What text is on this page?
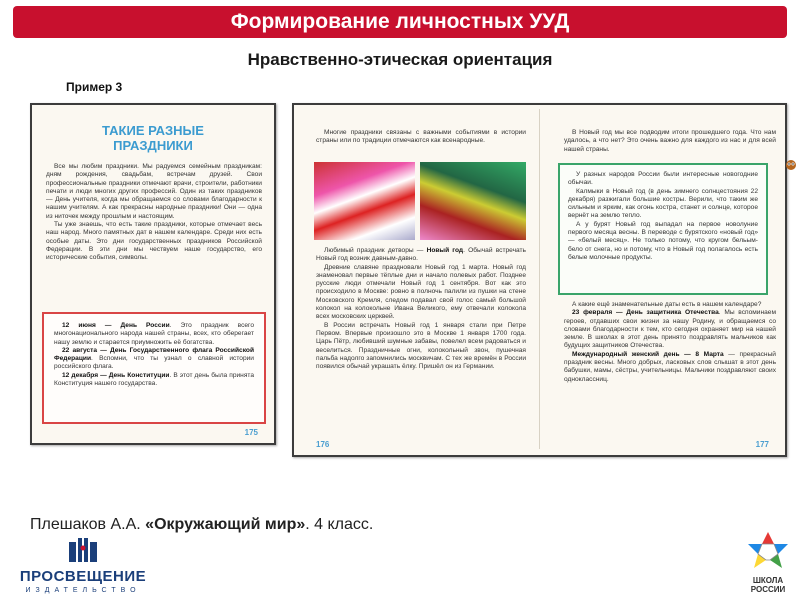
Формирование личностных УУД
Нравственно-этическая ориентация
Пример 3
ТАКИЕ РАЗНЫЕ
ПРАЗДНИКИ
Все мы любим праздники. Мы радуемся семейным праздникам: дням рождения, свадьбам, встречам друзей. Свои профессиональные праздники отмечают врачи, строители, работники печати и люди многих других профессий. Один из таких праздников — День учителя, когда мы обращаемся со словами благодарности к нашим учителям. А как прекрасны народные праздники! Они — одна из ниточек между прошлым и настоящим.
Ты уже знаешь, что есть такие праздники, которые отмечает весь наш народ. Много памятных дат в нашем календаре. Среди них есть особые даты. Это дни государственных праздников Российской Федерации. В эти дни мы чествуем наше государство, его исторические события, символы.
12 июня — День России. Это праздник всего многонационального народа нашей страны, всех, кто оберегает нашу землю и старается приумножить её богатства.
22 августа — День Государственного флага Российской Федерации. Вспомни, что ты узнал о славной истории российского флага.
12 декабря — День Конституции. В этот день была принята Конституция нашего государства.
175
Многие праздники связаны с важными событиями в истории страны или по традиции отмечаются как всенародные.
Любимый праздник детворы — Новый год. Обычай встречать Новый год возник давным-давно.
Древние славяне праздновали Новый год 1 марта. Новый год знаменовал первые тёплые дни и начало полевых работ. Позднее русские люди отмечали Новый год 1 сентября. Вот как это происходило в Москве: ровно в полночь палили из пушки на стене Московского Кремля, следом подавал свой голос самый большой колокол на колокольне Ивана Великого, ему отвечали колокола всех московских церквей.
В России встречать Новый год 1 января стали при Петре Первом. Впервые произошло это в Москве 1 января 1700 года. Царь Пётр, любивший шумные забавы, повелел всем радоваться и веселиться. Праздничные огни, колокольный звон, пушечная пальба надолго запомнились москвичам. С тех же времён в России появился обычай украшать ёлку. Пришёл он из Германии.
176
В Новый год мы все подводим итоги прошедшего года. Что нам удалось, а что нет? Это очень важно для каждого из нас и для всей нашей страны.
У разных народов России были интересные новогодние обычаи.
Калмыки в Новый год (в день зимнего солнцестояния 22 декабря) разжигали большие костры. Верили, что таким же сильным и ярким, как огонь костра, станет и солнце, которое вернёт на землю тепло.
А у бурят Новый год выпадал на первое новолуние первого месяца весны. В переводе с бурятского «новый год» — «белый месяц». Не только потому, что кругом бельым-бело от снега, но и потому, что в Новый год полагалось есть белые молочные продукты.
А какие ещё знаменательные даты есть в нашем календаре?
23 февраля — День защитника Отечества. Мы вспоминаем героев, отдавших свои жизни за нашу Родину, и обращаемся со словами благодарности к тем, кто сегодня охраняет мир на нашей земле. В школах в этот день принято поздравлять мальчиков как будущих защитников Отечества.
Международный женский день — 8 Марта — прекрасный праздник весны. Много добрых, ласковых слов слышат в этот день бабушки, мамы, сёстры, учительницы. Мальчики поздравляют своих одноклассниц.
177
Плешаков А.А. «Окружающий мир». 4 класс.
ПРОСВЕЩЕНИЕ
ИЗДАТЕЛЬСТВО
ШКОЛА
РОССИИ
